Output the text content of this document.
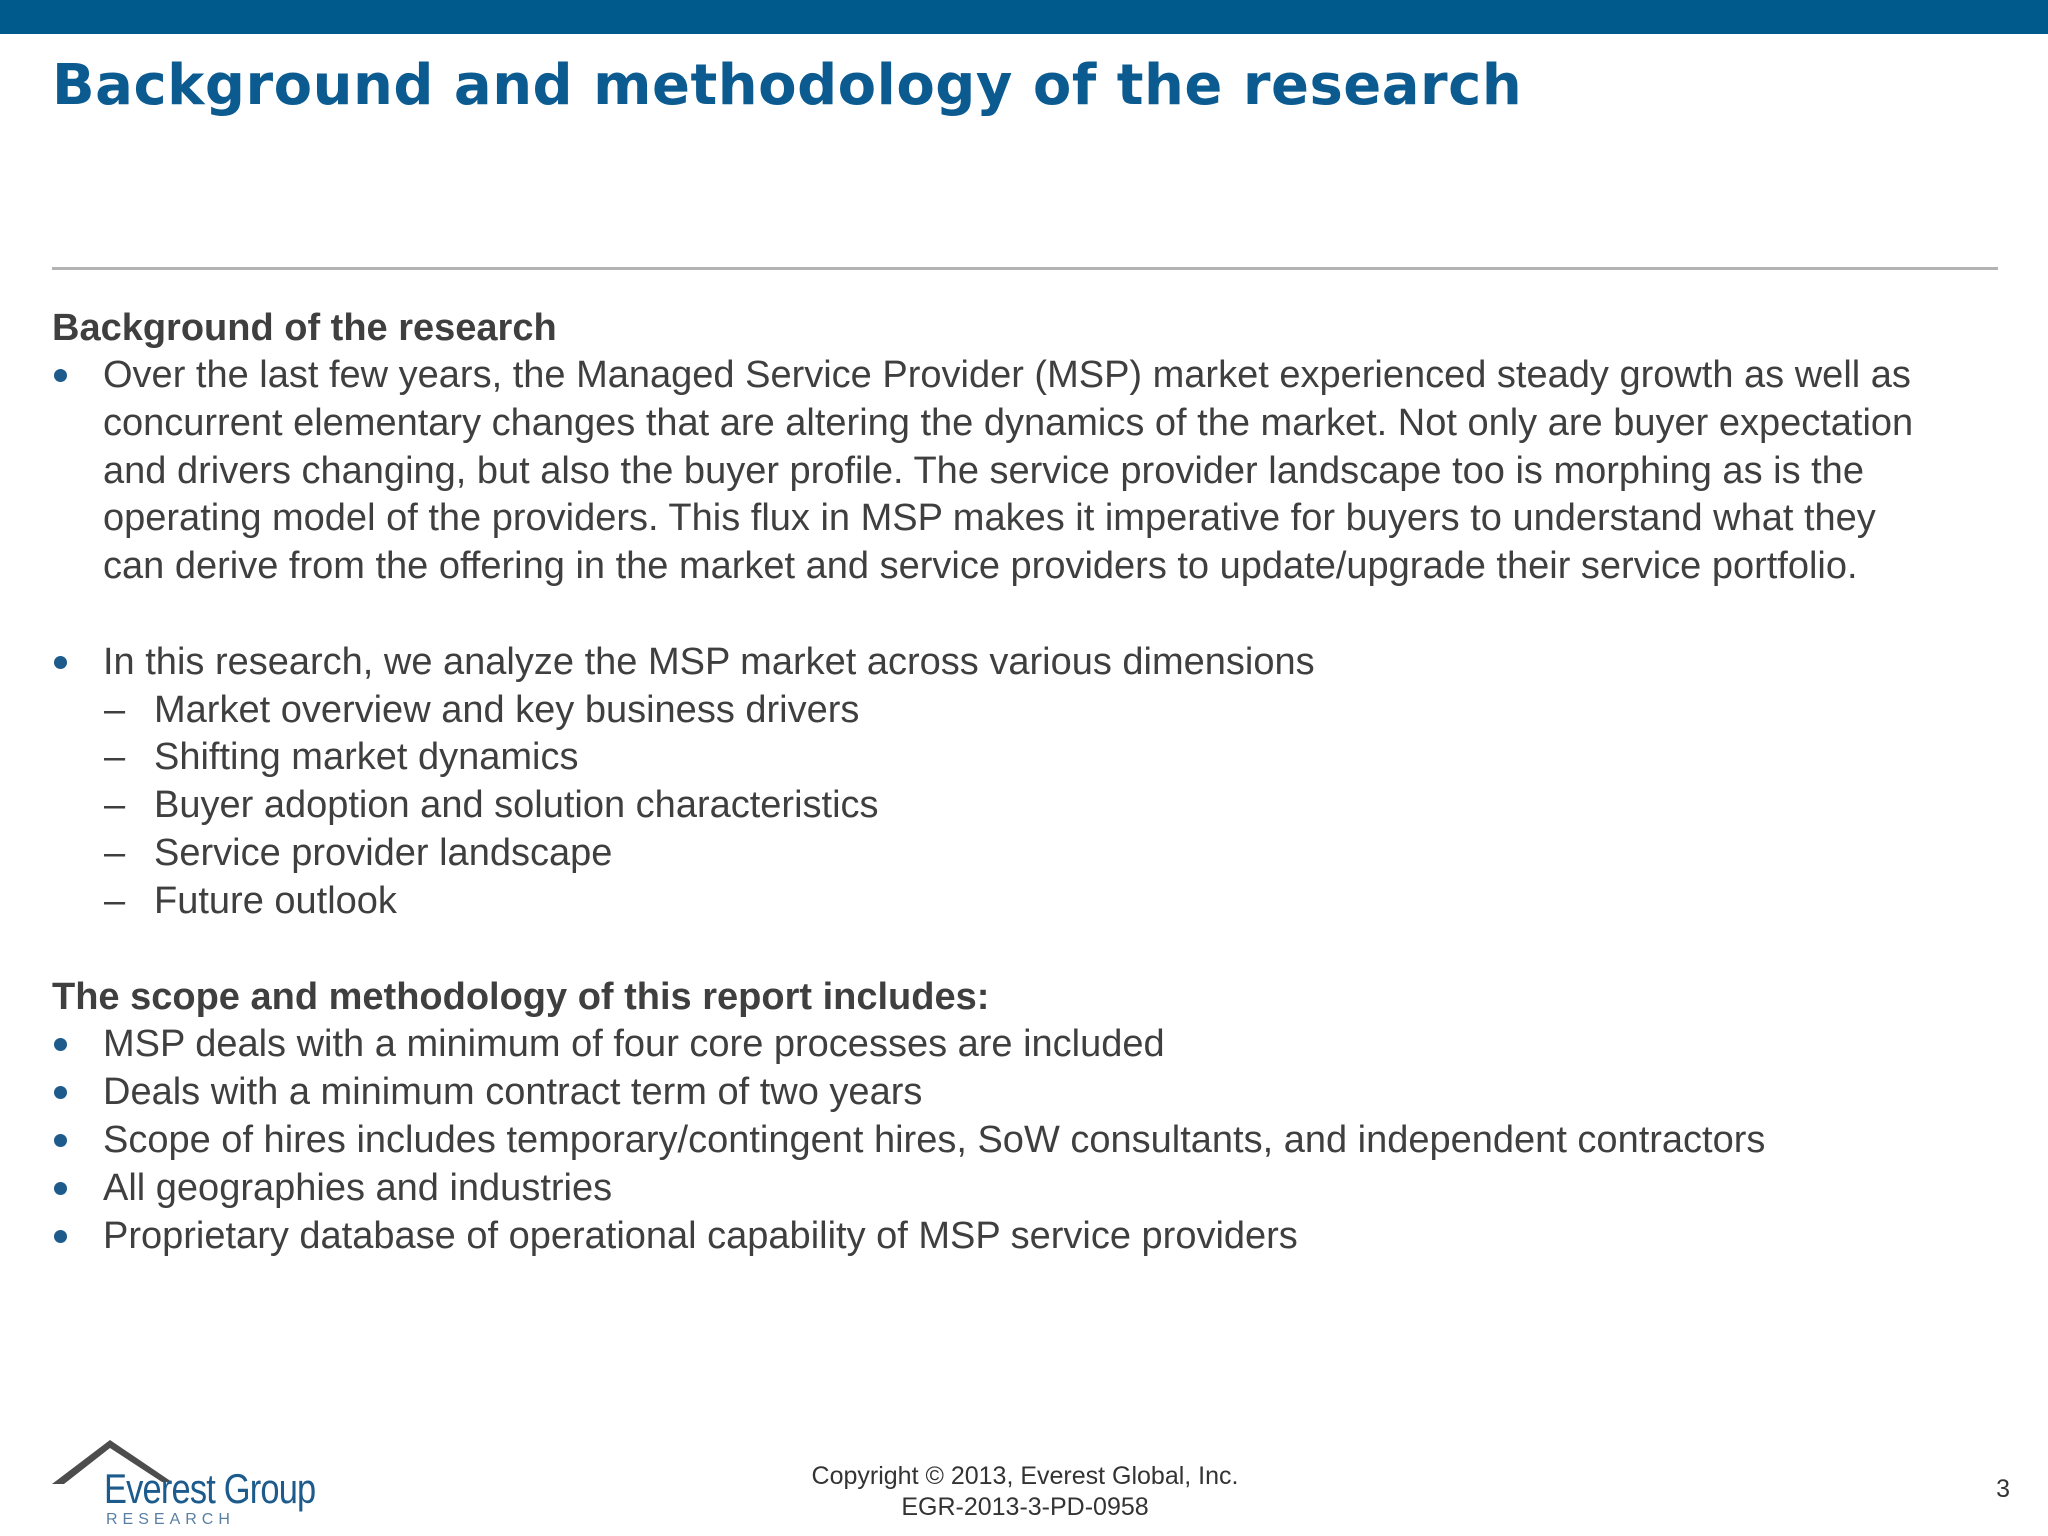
Background and methodology of the research
Background of the research
Over the last few years, the Managed Service Provider (MSP) market experienced steady growth as well as
concurrent elementary changes that are altering the dynamics of the market. Not only are buyer expectation
and drivers changing, but also the buyer profile. The service provider landscape too is morphing as is the
operating model of the providers. This flux in MSP makes it imperative for buyers to understand what they
can derive from the offering in the market and service providers to update/upgrade their service portfolio.
In this research, we analyze the MSP market across various dimensions
– Market overview and key business drivers
– Shifting market dynamics
– Buyer adoption and solution characteristics
– Service provider landscape
– Future outlook
The scope and methodology of this report includes:
MSP deals with a minimum of four core processes are included
Deals with a minimum contract term of two years
Scope of hires includes temporary/contingent hires, SoW consultants, and independent contractors
All geographies and industries
Proprietary database of operational capability of MSP service providers
Everest Group
RESEARCH
Copyright © 2013, Everest Global, Inc.
EGR-2013-3-PD-0958
3
